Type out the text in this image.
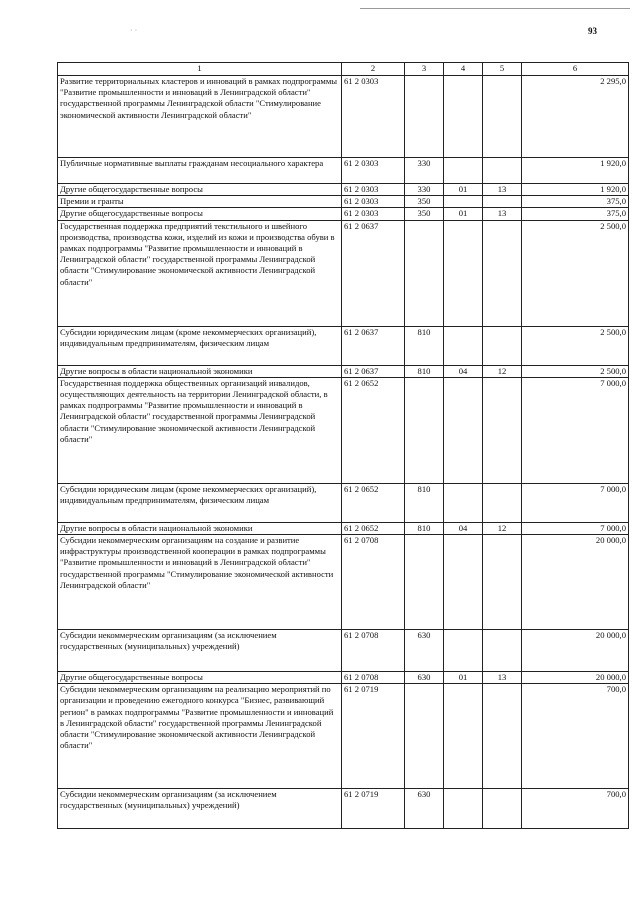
· ·	93
1	2	3	4	5	6
Развитие территориальных кластеров и инноваций в рамках подпрограммы "Развитие промышленности и инноваций в Ленинградской области" государственной программы Ленинградской области "Стимулирование экономической активности Ленинградской области"	61 2 0303				2 295,0
Публичные нормативные выплаты гражданам несоциального характера	61 2 0303	330			1 920,0
Другие общегосударственные вопросы	61 2 0303	330	01	13	1 920,0
Премии и гранты	61 2 0303	350			375,0
Другие общегосударственные вопросы	61 2 0303	350	01	13	375,0
Государственная поддержка предприятий текстильного и швейного производства, производства кожи, изделий из кожи и производства обуви в рамках подпрограммы "Развитие промышленности и инноваций в Ленинградской области" государственной программы Ленинградской области "Стимулирование экономической активности Ленинградской области"	61 2 0637				2 500,0
Субсидии юридическим лицам (кроме некоммерческих организаций), индивидуальным предпринимателям, физическим лицам	61 2 0637	810			2 500,0
Другие вопросы в области национальной экономики	61 2 0637	810	04	12	2 500,0
Государственная поддержка общественных организаций инвалидов, осуществляющих деятельность на территории Ленинградской области, в рамках подпрограммы "Развитие промышленности и инноваций в Ленинградской области" государственной программы Ленинградской области "Стимулирование экономической активности Ленинградской области"	61 2 0652				7 000,0
Субсидии юридическим лицам (кроме некоммерческих организаций), индивидуальным предпринимателям, физическим лицам	61 2 0652	810			7 000,0
Другие вопросы в области национальной экономики	61 2 0652	810	04	12	7 000,0
Субсидии некоммерческим организациям на создание и развитие инфраструктуры производственной кооперации в рамках подпрограммы "Развитие промышленности и инноваций в Ленинградской области" государственной программы "Стимулирование экономической активности Ленинградской области"	61 2 0708				20 000,0
Субсидии некоммерческим организациям (за исключением государственных (муниципальных) учреждений)	61 2 0708	630			20 000,0
Другие общегосударственные вопросы	61 2 0708	630	01	13	20 000,0
Субсидии некоммерческим организациям на реализацию мероприятий по организации и проведению ежегодного конкурса "Бизнес, развивающий регион" в рамках подпрограммы "Развитие промышленности и инноваций в Ленинградской области" государственной программы Ленинградской области "Стимулирование экономической активности Ленинградской области"	61 2 0719				700,0
Субсидии некоммерческим организациям (за исключением государственных (муниципальных) учреждений)	61 2 0719	630			700,0
